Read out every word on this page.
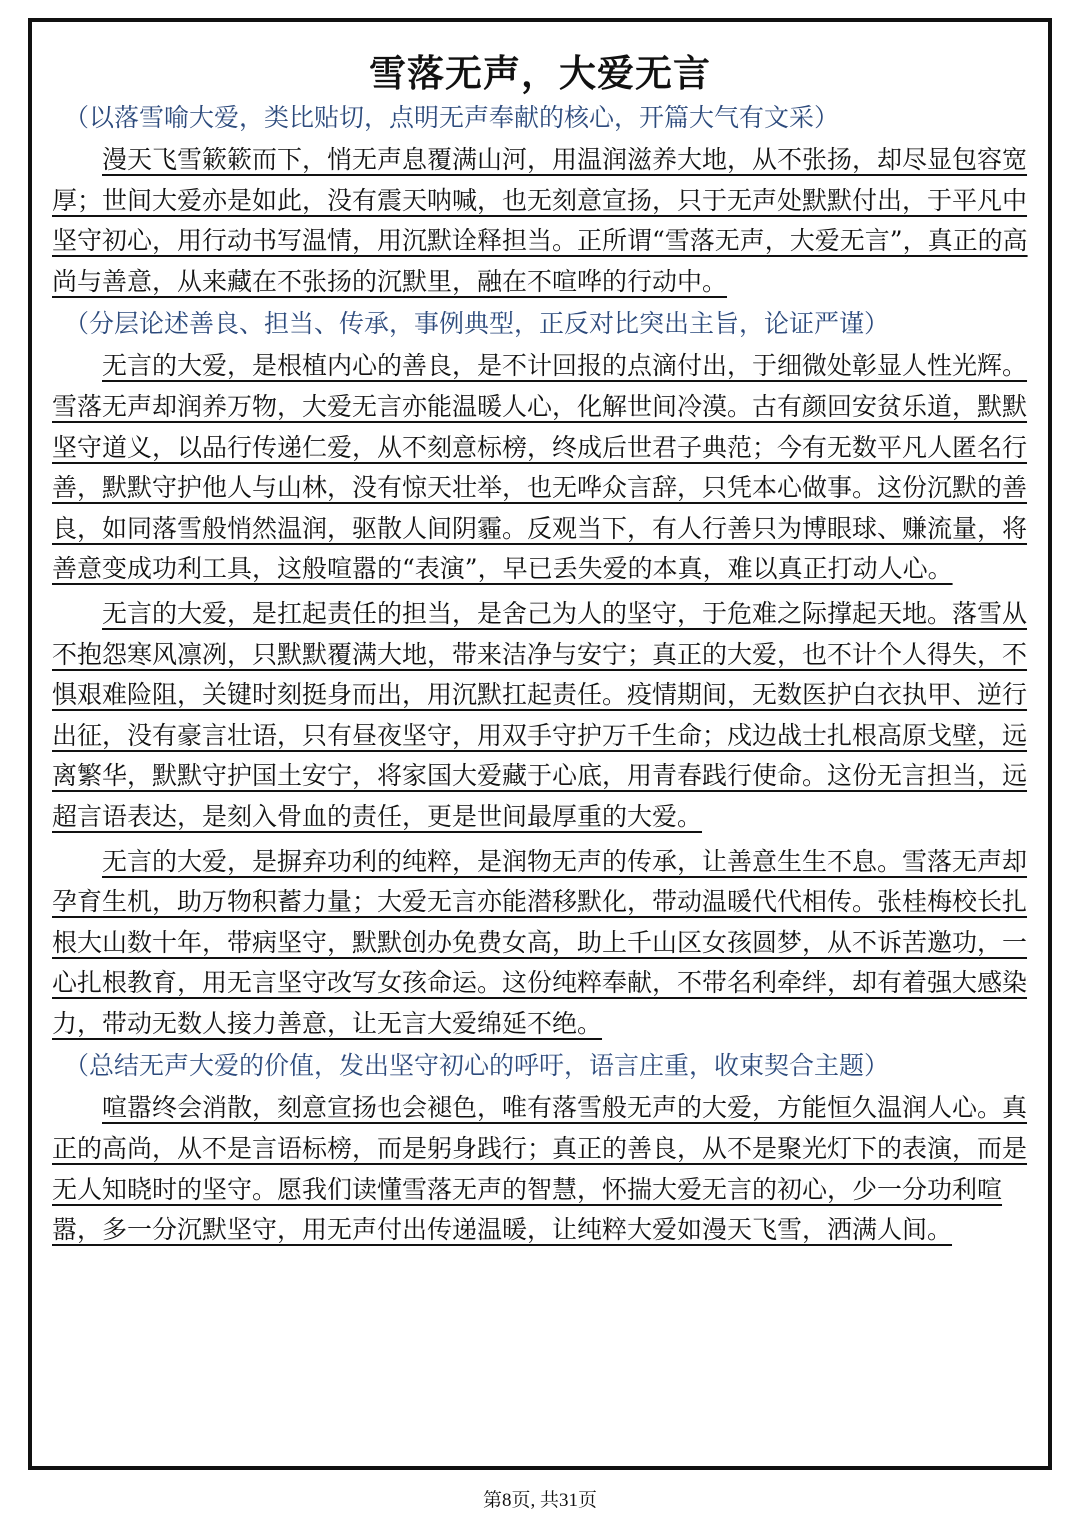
雪落无声，大爱无言
（以落雪喻大爱，类比贴切，点明无声奉献的核心，开篇大气有文采）
漫天飞雪簌簌而下，悄无声息覆满山河，用温润滋养大地，从不张扬，却尽显包容宽厚；世间大爱亦是如此，没有震天呐喊，也无刻意宣扬，只于无声处默默付出，于平凡中坚守初心，用行动书写温情，用沉默诠释担当。正所谓“雪落无声，大爱无言”，真正的高尚与善意，从来藏在不张扬的沉默里，融在不喧哗的行动中。
（分层论述善良、担当、传承，事例典型，正反对比突出主旨，论证严谨）
无言的大爱，是根植内心的善良，是不计回报的点滴付出，于细微处彰显人性光辉。雪落无声却润养万物，大爱无言亦能温暖人心，化解世间冷漠。古有颜回安贫乐道，默默坚守道义，以品行传递仁爱，从不刻意标榜，终成后世君子典范；今有无数平凡人匿名行善，默默守护他人与山林，没有惊天壮举，也无哗众言辞，只凭本心做事。这份沉默的善良，如同落雪般悄然温润，驱散人间阴霾。反观当下，有人行善只为博眼球、赚流量，将善意变成功利工具，这般喧嚣的“表演”，早已丢失爱的本真，难以真正打动人心。
无言的大爱，是扛起责任的担当，是舍己为人的坚守，于危难之际撑起天地。落雪从不抱怨寒风凛冽，只默默覆满大地，带来洁净与安宁；真正的大爱，也不计个人得失，不惧艰难险阻，关键时刻挺身而出，用沉默扛起责任。疫情期间，无数医护白衣执甲、逆行出征，没有豪言壮语，只有昼夜坚守，用双手守护万千生命；戍边战士扎根高原戈壁，远离繁华，默默守护国土安宁，将家国大爱藏于心底，用青春践行使命。这份无言担当，远超言语表达，是刻入骨血的责任，更是世间最厚重的大爱。
无言的大爱，是摒弃功利的纯粹，是润物无声的传承，让善意生生不息。雪落无声却孕育生机，助万物积蓄力量；大爱无言亦能潜移默化，带动温暖代代相传。张桂梅校长扎根大山数十年，带病坚守，默默创办免费女高，助上千山区女孩圆梦，从不诉苦邀功，一心扎根教育，用无言坚守改写女孩命运。这份纯粹奉献，不带名利牵绊，却有着强大感染力，带动无数人接力善意，让无言大爱绵延不绝。
（总结无声大爱的价值，发出坚守初心的呼吁，语言庄重，收束契合主题）
喧嚣终会消散，刻意宣扬也会褪色，唯有落雪般无声的大爱，方能恒久温润人心。真正的高尚，从不是言语标榜，而是躬身践行；真正的善良，从不是聚光灯下的表演，而是无人知晓时的坚守。愿我们读懂雪落无声的智慧，怀揣大爱无言的初心，少一分功利喧嚣，多一分沉默坚守，用无声付出传递温暖，让纯粹大爱如漫天飞雪，洒满人间。
第8页, 共31页
